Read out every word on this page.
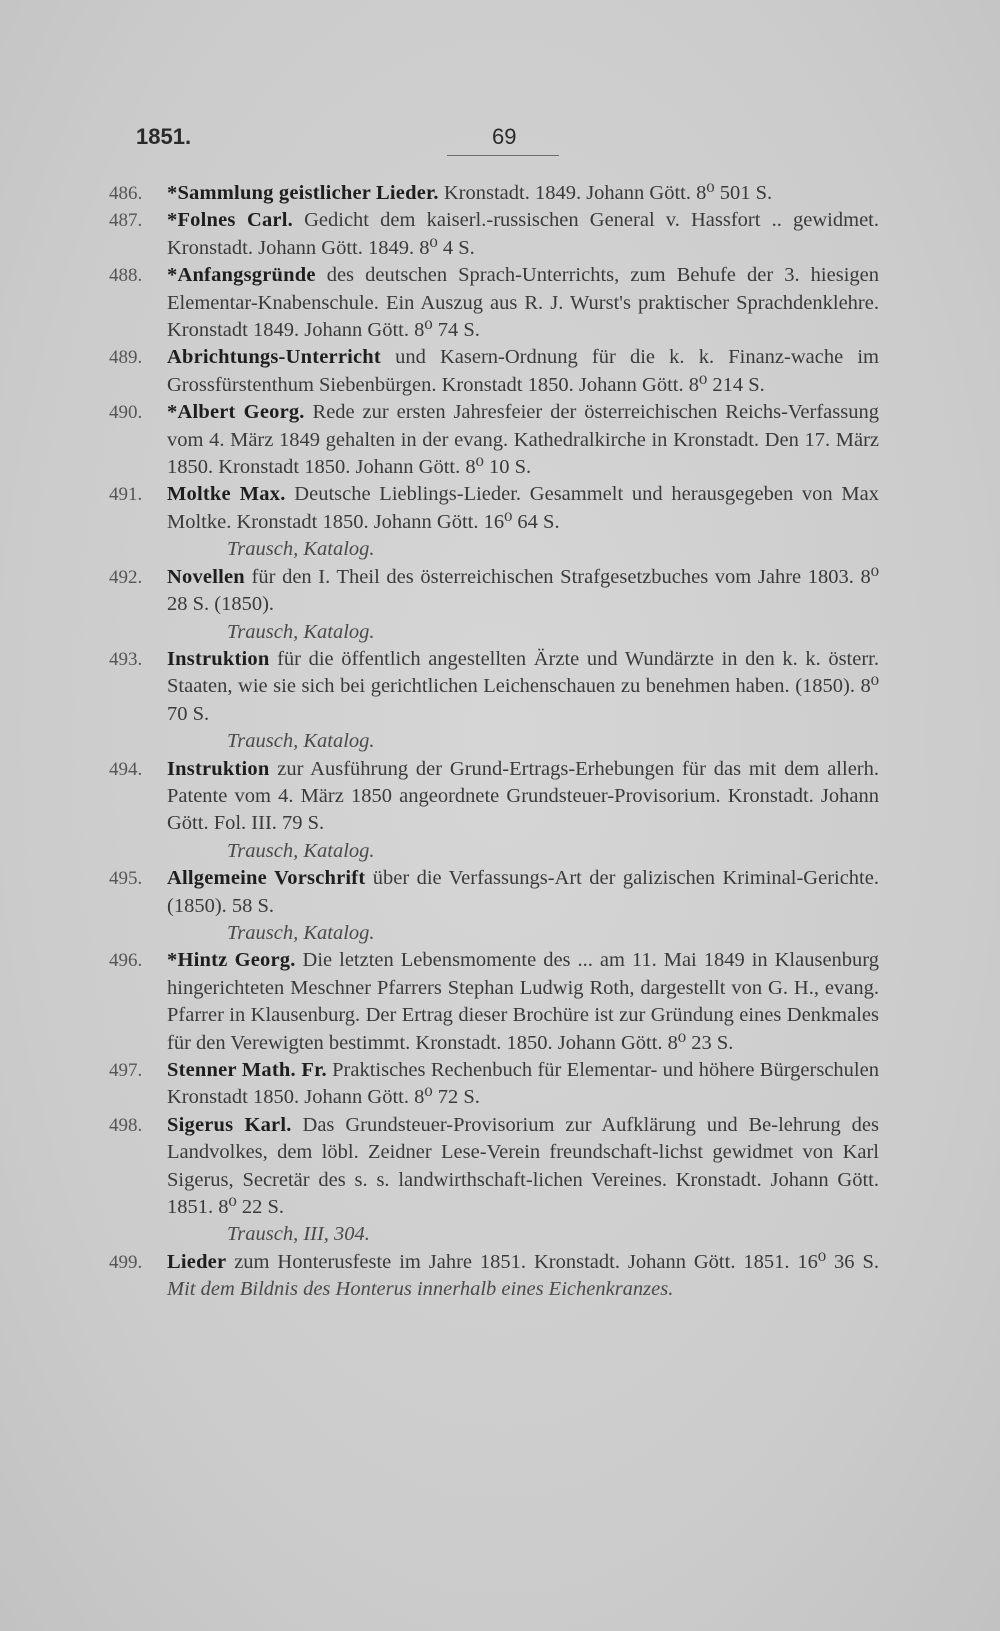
1851.	69
486.	*Sammlung geistlicher Lieder. Kronstadt. 1849. Johann Gött. 8⁰ 501 S.
487.	*Folnes Carl. Gedicht dem kaiserl.-russischen General v. Hassfort .. gewidmet. Kronstadt. Johann Gött. 1849. 8⁰ 4 S.
488.	*Anfangsgründe des deutschen Sprach-Unterrichts, zum Behufe der 3. hiesigen Elementar-Knabenschule. Ein Auszug aus R. J. Wurst's praktischer Sprachdenklehre. Kronstadt 1849. Johann Gött. 8⁰ 74 S.
489.	Abrichtungs-Unterricht und Kasern-Ordnung für die k. k. Finanz-wache im Grossfürstenthum Siebenbürgen. Kronstadt 1850. Johann Gött. 8⁰ 214 S.
490.	*Albert Georg. Rede zur ersten Jahresfeier der österreichischen Reichs-Verfassung vom 4. März 1849 gehalten in der evang. Kathedralkirche in Kronstadt. Den 17. März 1850. Kronstadt 1850. Johann Gött. 8⁰ 10 S.
491.	Moltke Max. Deutsche Lieblings-Lieder. Gesammelt und herausgegeben von Max Moltke. Kronstadt 1850. Johann Gött. 16⁰ 64 S.
Trausch, Katalog.
492.	Novellen für den I. Theil des österreichischen Strafgesetzbuches vom Jahre 1803. 8⁰ 28 S. (1850).
Trausch, Katalog.
493.	Instruktion für die öffentlich angestellten Ärzte und Wundärzte in den k. k. österr. Staaten, wie sie sich bei gerichtlichen Leichenschauen zu benehmen haben. (1850). 8⁰ 70 S.
Trausch, Katalog.
494.	Instruktion zur Ausführung der Grund-Ertrags-Erhebungen für das mit dem allerh. Patente vom 4. März 1850 angeordnete Grundsteuer-Provisorium. Kronstadt. Johann Gött. Fol. III. 79 S.
Trausch, Katalog.
495.	Allgemeine Vorschrift über die Verfassungs-Art der galizischen Kriminal-Gerichte. (1850). 58 S.
Trausch, Katalog.
496.	*Hintz Georg. Die letzten Lebensmomente des ... am 11. Mai 1849 in Klausenburg hingerichteten Meschner Pfarrers Stephan Ludwig Roth, dargestellt von G. H., evang. Pfarrer in Klausenburg. Der Ertrag dieser Brochüre ist zur Gründung eines Denkmales für den Verewigten bestimmt. Kronstadt. 1850. Johann Gött. 8⁰ 23 S.
497.	Stenner Math. Fr. Praktisches Rechenbuch für Elementar- und höhere Bürgerschulen Kronstadt 1850. Johann Gött. 8⁰ 72 S.
498.	Sigerus Karl. Das Grundsteuer-Provisorium zur Aufklärung und Be-lehrung des Landvolkes, dem löbl. Zeidner Lese-Verein freundschaft-lichst gewidmet von Karl Sigerus, Secretär des s. s. landwirthschaft-lichen Vereines. Kronstadt. Johann Gött. 1851. 8⁰ 22 S.
Trausch, III, 304.
499.	Lieder zum Honterusfeste im Jahre 1851. Kronstadt. Johann Gött. 1851. 16⁰ 36 S. Mit dem Bildnis des Honterus innerhalb eines Eichenkranzes.
